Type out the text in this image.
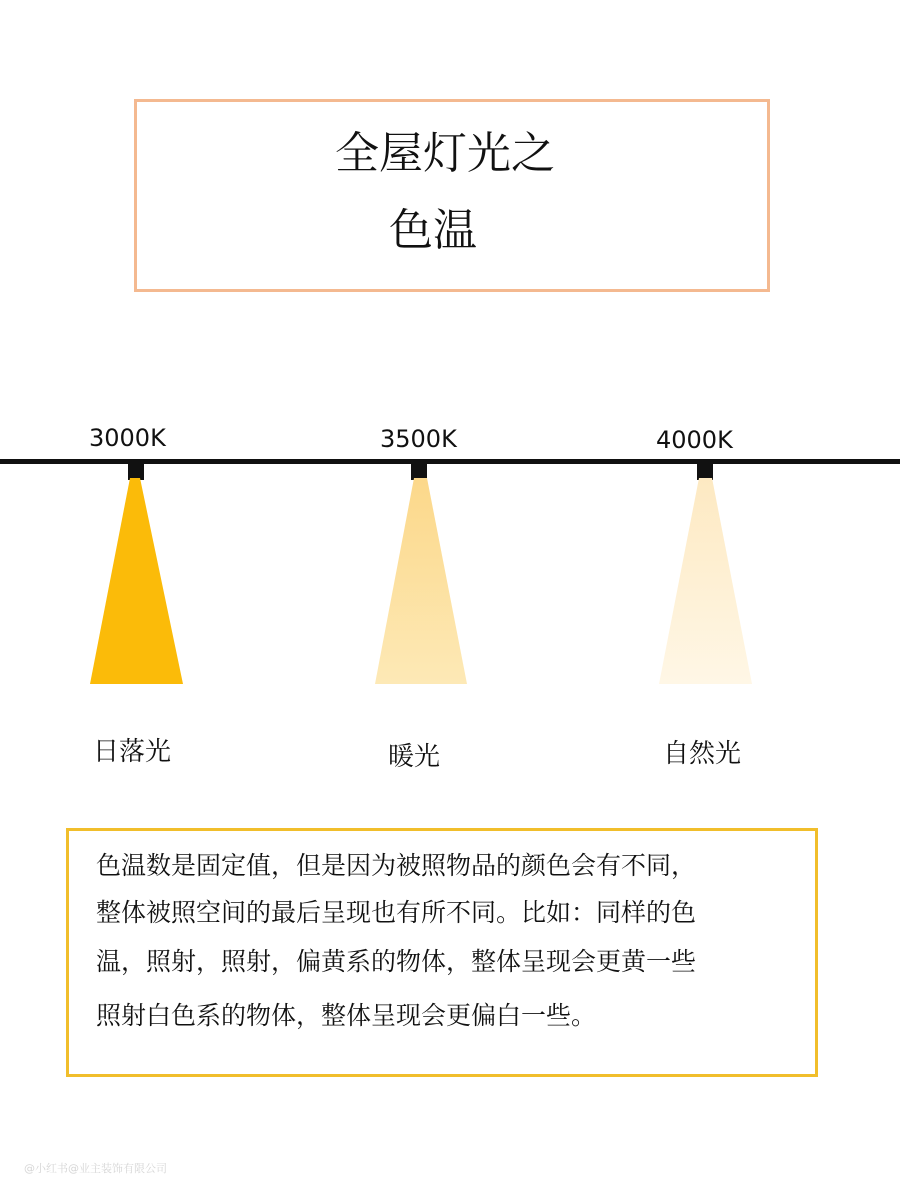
全屋灯光之
色温
3000K
日落光
3500K
暖光
4000K
自然光
色温数是固定值，但是因为被照物品的颜色会有不同，
整体被照空间的最后呈现也有所不同。比如：同样的色
温，照射，照射，偏黄系的物体，整体呈现会更黄一些
照射白色系的物体，整体呈现会更偏白一些。
@小红书@业主装饰有限公司
